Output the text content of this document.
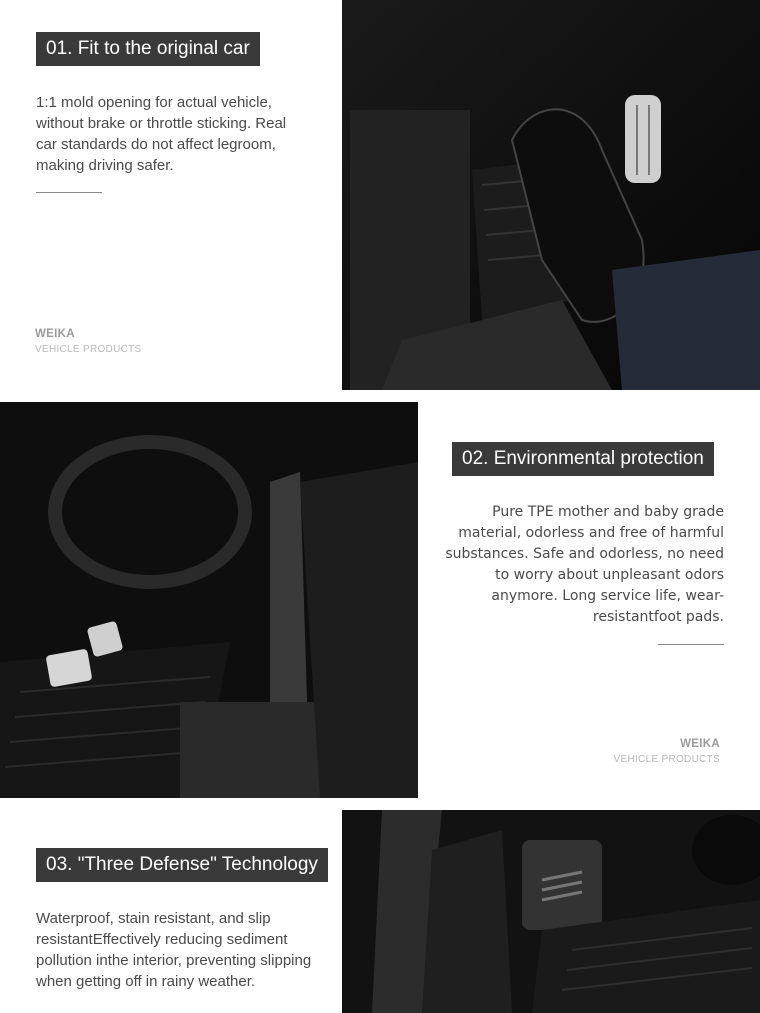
01. Fit to the original car
1:1 mold opening for actual vehicle, without brake or throttle sticking. Real car standards do not affect legroom, making driving safer.
WEIKA
VEHICLE PRODUCTS
02. Environmental protection
Pure TPE mother and baby grade material, odorless and free of harmful substances. Safe and odorless, no need to worry about unpleasant odors anymore. Long service life, wear-resistantfoot pads.
WEIKA
VEHICLE PRODUCTS
03. "Three Defense" Technology
Waterproof, stain resistant, and slip resistantEffectively reducing sediment pollution inthe interior, preventing slipping when getting off in rainy weather.
